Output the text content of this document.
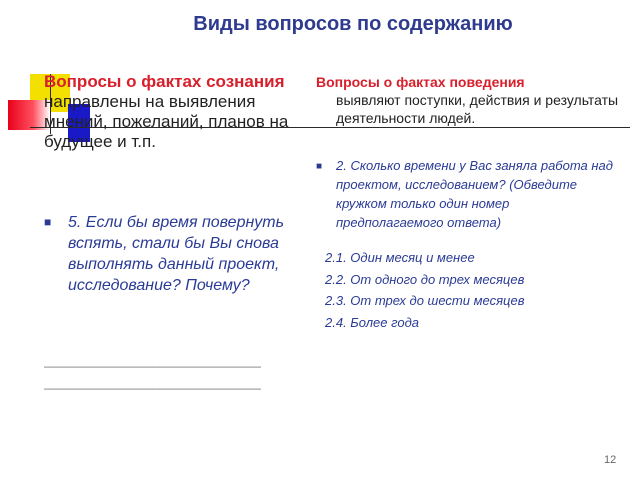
Виды вопросов по содержанию
Вопросы о фактах сознания направлены на выявления мнений, пожеланий, планов на будущее и т.п.
■ 5. Если бы время повернуть вспять, стали бы Вы снова выполнять данный проект, исследование? Почему?
______________________________
______________________________
Вопросы о фактах поведения
выявляют поступки, действия и результаты деятельности людей.
■ 2. Сколько времени у Вас заняла работа над проектом, исследованием? (Обведите кружком только один номер предполагаемого ответа)
2.1. Один месяц и менее
2.2. От одного до трех месяцев
2.3. От трех до шести месяцев
2.4. Более года
12
